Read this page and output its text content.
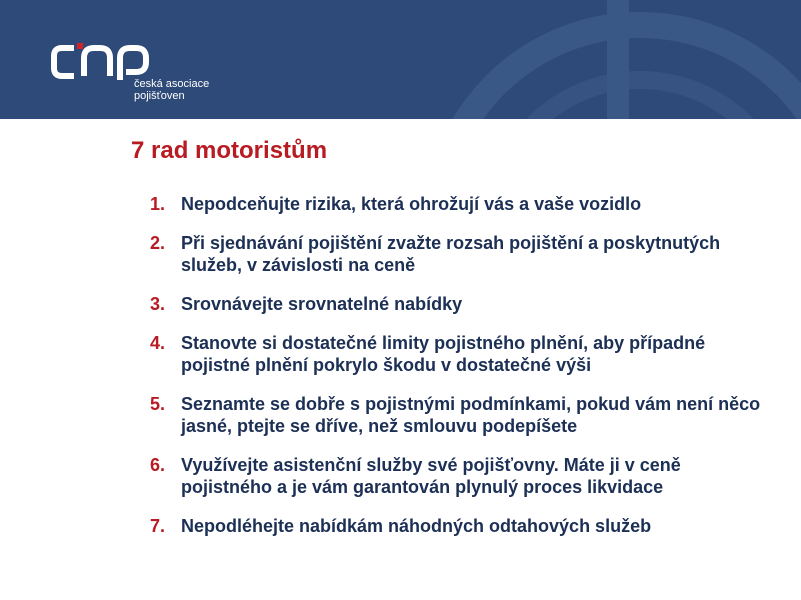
česká asociace
pojišťoven
7 rad motoristům
1. Nepodceňujte rizika, která ohrožují vás a vaše vozidlo
2. Při sjednávání pojištění zvažte rozsah pojištění a poskytnutých služeb, v závislosti na ceně
3. Srovnávejte srovnatelné nabídky
4. Stanovte si dostatečné limity pojistného plnění, aby případné pojistné plnění pokrylo škodu v dostatečné výši
5. Seznamte se dobře s pojistnými podmínkami, pokud vám není něco jasné, ptejte se dříve, než smlouvu podepíšete
6. Využívejte asistenční služby své pojišťovny. Máte ji v ceně pojistného a je vám garantován plynulý proces likvidace
7. Nepodléhejte nabídkám náhodných odtahových služeb
